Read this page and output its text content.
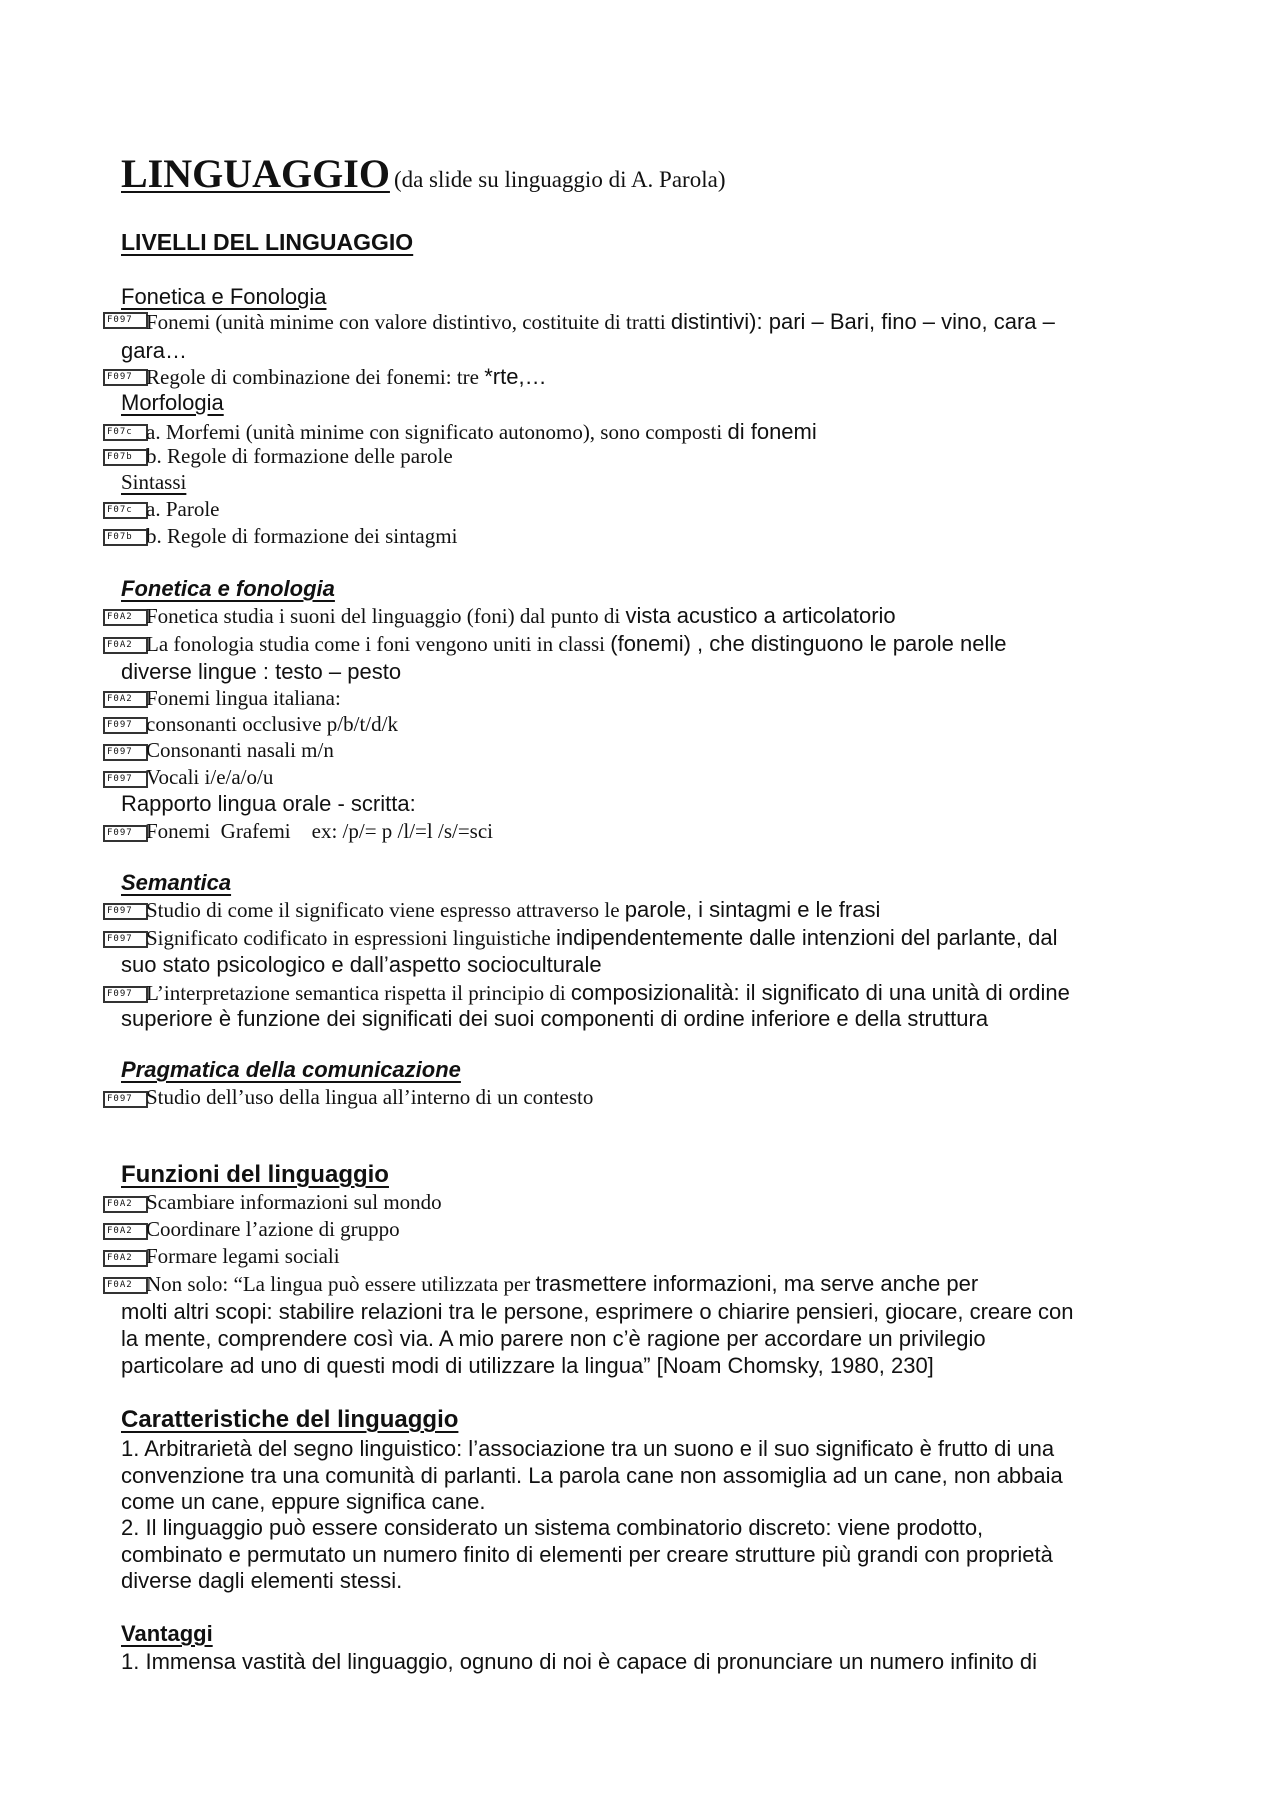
LINGUAGGIO (da slide su linguaggio di A. Parola)
LIVELLI DEL LINGUAGGIO
Fonetica e Fonologia
F097 Fonemi (unità minime con valore distintivo, costituite di tratti distintivi): pari – Bari, fino – vino, cara –
gara…
F097 Regole di combinazione dei fonemi: tre *rte,…
Morfologia
F07c a. Morfemi (unità minime con significato autonomo), sono composti di fonemi
F07b b. Regole di formazione delle parole
Sintassi
F07c a. Parole
F07b b. Regole di formazione dei sintagmi
Fonetica e fonologia
F0A2 Fonetica studia i suoni del linguaggio (foni) dal punto di vista acustico a articolatorio
F0A2 La fonologia studia come i foni vengono uniti in classi (fonemi) , che distinguono le parole nelle
diverse lingue : testo – pesto
F0A2 Fonemi lingua italiana:
F097 consonanti occlusive p/b/t/d/k
F097 Consonanti nasali m/n
F097 Vocali i/e/a/o/u
Rapporto lingua orale - scritta:
F097 Fonemi  Grafemi    ex: /p/= p /l/=l /s/=sci
Semantica
F097 Studio di come il significato viene espresso attraverso le parole, i sintagmi e le frasi
F097 Significato codificato in espressioni linguistiche indipendentemente dalle intenzioni del parlante, dal
suo stato psicologico e dall’aspetto socioculturale
F097 L’interpretazione semantica rispetta il principio di composizionalità: il significato di una unità di ordine
superiore è funzione dei significati dei suoi componenti di ordine inferiore e della struttura
Pragmatica della comunicazione
F097 Studio dell’uso della lingua all’interno di un contesto
Funzioni del linguaggio
F0A2 Scambiare informazioni sul mondo
F0A2 Coordinare l’azione di gruppo
F0A2 Formare legami sociali
F0A2 Non solo: “La lingua può essere utilizzata per trasmettere informazioni, ma serve anche per
molti altri scopi: stabilire relazioni tra le persone, esprimere o chiarire pensieri, giocare, creare con
la mente, comprendere così via. A mio parere non c’è ragione per accordare un privilegio
particolare ad uno di questi modi di utilizzare la lingua” [Noam Chomsky, 1980, 230]
Caratteristiche del linguaggio
1. Arbitrarietà del segno linguistico: l’associazione tra un suono e il suo significato è frutto di una
convenzione tra una comunità di parlanti. La parola cane non assomiglia ad un cane, non abbaia
come un cane, eppure significa cane.
2. Il linguaggio può essere considerato un sistema combinatorio discreto: viene prodotto,
combinato e permutato un numero finito di elementi per creare strutture più grandi con proprietà
diverse dagli elementi stessi.
Vantaggi
1. Immensa vastità del linguaggio, ognuno di noi è capace di pronunciare un numero infinito di
